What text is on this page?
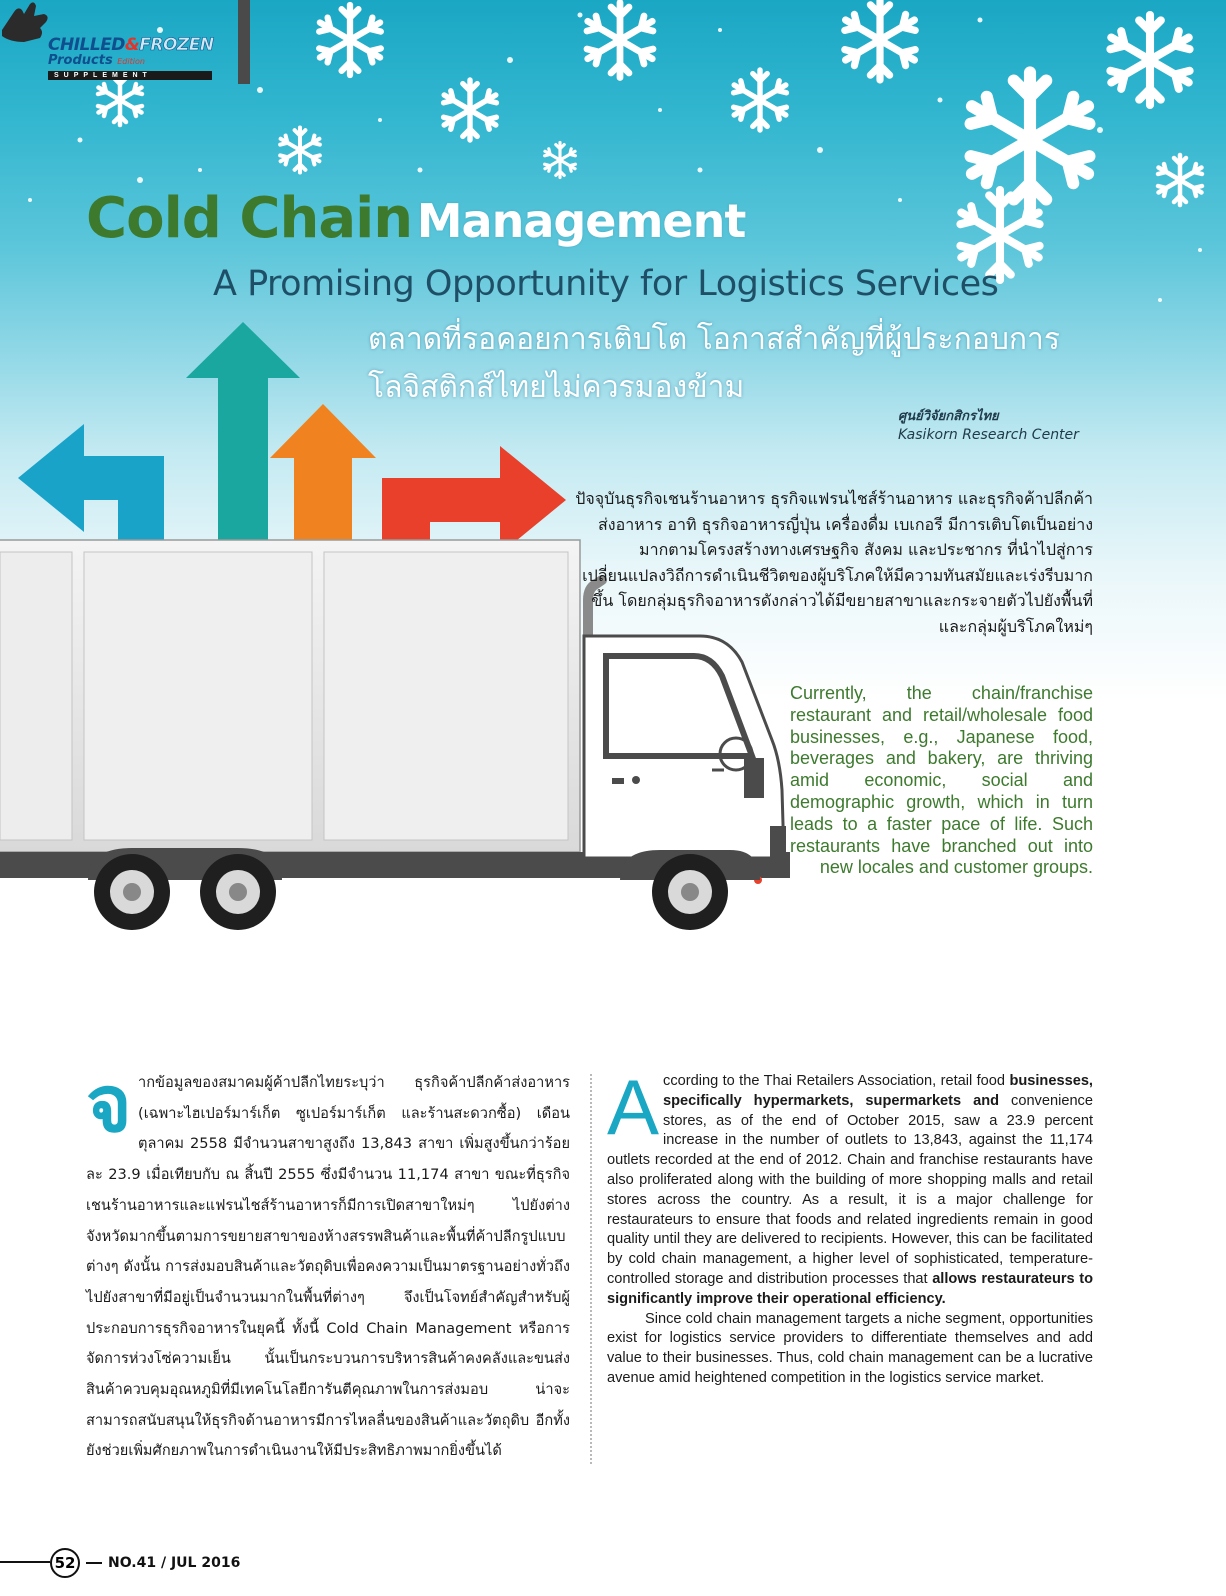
CHILLED&FROZEN
Products Edition
SUPPLEMENT
Cold Chain Management
A Promising Opportunity for Logistics Services
ตลาดที่รอคอยการเติบโต โอกาสสำคัญที่ผู้ประกอบการ
โลจิสติกส์ไทยไม่ควรมองข้าม
ศูนย์วิจัยกสิกรไทย
Kasikorn Research Center
ปัจจุบันธุรกิจเชนร้านอาหาร ธุรกิจแฟรนไชส์ร้านอาหาร และธุรกิจค้าปลีกค้าส่งอาหาร อาทิ ธุรกิจอาหารญี่ปุ่น เครื่องดื่ม เบเกอรี มีการเติบโตเป็นอย่างมากตามโครงสร้างทางเศรษฐกิจ สังคม และประชากร ที่นำไปสู่การเปลี่ยนแปลงวิถีการดำเนินชีวิตของผู้บริโภคให้มีความทันสมัยและเร่งรีบมากขึ้น โดยกลุ่มธุรกิจอาหารดังกล่าวได้มีขยายสาขาและกระจายตัวไปยังพื้นที่และกลุ่มผู้บริโภคใหม่ๆ
Currently, the chain/franchise restaurant and retail/wholesale food businesses, e.g., Japanese food, beverages and bakery, are thriving amid economic, social and demographic growth, which in turn leads to a faster pace of life. Such restaurants have branched out into new locales and customer groups.
จ ากข้อมูลของสมาคมผู้ค้าปลีกไทยระบุว่า ธุรกิจค้าปลีกค้าส่งอาหาร (เฉพาะไฮเปอร์มาร์เก็ต ซูเปอร์มาร์เก็ต และร้านสะดวกซื้อ) เดือนตุลาคม 2558 มีจำนวนสาขาสูงถึง 13,843 สาขา เพิ่มสูงขึ้นกว่าร้อยละ 23.9 เมื่อเทียบกับ ณ สิ้นปี 2555 ซึ่งมีจำนวน 11,174 สาขา ขณะที่ธุรกิจเชนร้านอาหารและแฟรนไชส์ร้านอาหารก็มีการเปิดสาขาใหม่ๆ ไปยังต่างจังหวัดมากขึ้นตามการขยายสาขาของห้างสรรพสินค้าและพื้นที่ค้าปลีกรูปแบบต่างๆ ดังนั้น การส่งมอบสินค้าและวัตถุดิบเพื่อคงความเป็นมาตรฐานอย่างทั่วถึงไปยังสาขาที่มีอยู่เป็นจำนวนมากในพื้นที่ต่างๆ จึงเป็นโจทย์สำคัญสำหรับผู้ประกอบการธุรกิจอาหารในยุคนี้ ทั้งนี้ Cold Chain Management หรือการจัดการห่วงโซ่ความเย็น นั้นเป็นกระบวนการบริหารสินค้าคงคลังและขนส่งสินค้าควบคุมอุณหภูมิที่มีเทคโนโลยีการันตีคุณภาพในการส่งมอบ น่าจะสามารถสนับสนุนให้ธุรกิจด้านอาหารมีการไหลลื่นของสินค้าและวัตถุดิบ อีกทั้งยังช่วยเพิ่มศักยภาพในการดำเนินงานให้มีประสิทธิภาพมากยิ่งขึ้นได้

According to the Thai Retailers Association, retail food businesses, specifically hypermarkets, supermarkets and convenience stores, as of the end of October 2015, saw a 23.9 percent increase in the number of outlets to 13,843, against the 11,174 outlets recorded at the end of 2012. Chain and franchise restaurants have also proliferated along with the building of more shopping malls and retail stores across the country. As a result, it is a major challenge for restaurateurs to ensure that foods and related ingredients remain in good quality until they are delivered to recipients. However, this can be facilitated by cold chain management, a higher level of sophisticated, temperature-controlled storage and distribution processes that allows restaurateurs to significantly improve their operational efficiency.

Since cold chain management targets a niche segment, opportunities exist for logistics service providers to differentiate themselves and add value to their businesses. Thus, cold chain management can be a lucrative avenue amid heightened competition in the logistics service market.

52	NO.41 / JUL 2016
